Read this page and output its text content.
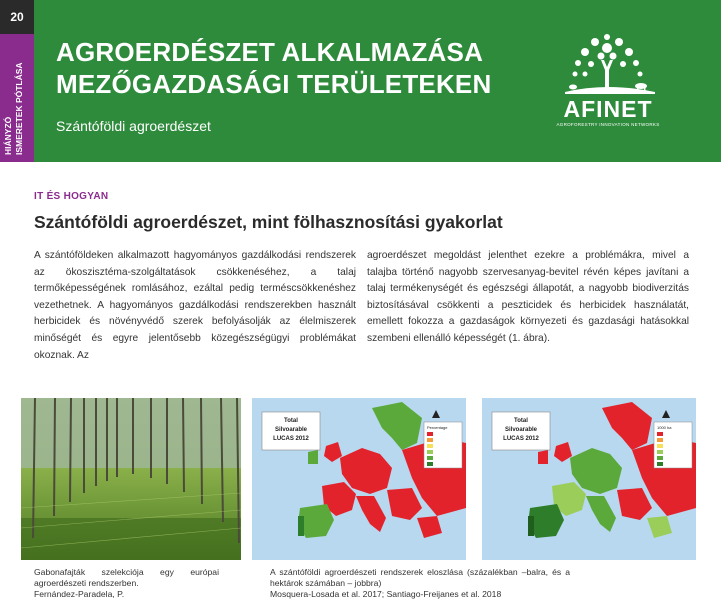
20
HIÁNYZÓ ISMERETEK PÓTLÁSA
AGROERDÉSZET ALKALMAZÁSA
MEZŐGAZDASÁGI TERÜLETEKEN
Szántóföldi agroerdészet
AFINET
AGROFORESTRY INNOVATION NETWORKS
IT ÉS HOGYAN
Szántóföldi agroerdészet, mint fölhasznosítási gyakorlat
A szántóföldeken alkalmazott hagyományos gazdálkodási rendszerek az ökoszisztéma-szolgáltatások csökkenéséhez, a talaj termőképességének romlásához, ezáltal pedig terméscsökkenéshez vezethetnek. A hagyományos gazdálkodási rendszerekben használt herbicidek és növényvédő szerek befolyásolják az élelmiszerek minőségét és egyre jelentősebb közegészségügyi problémákat okoznak. Az
agroerdészet megoldást jelenthet ezekre a problémákra, mivel a talajba történő nagyobb szervesanyag-bevitel révén képes javítani a talaj termékenységét és egészségi állapotát, a nagyobb biodiverzitás biztosításával csökkenti a peszticidek és herbicidek használatát, emellett fokozza a gazdaságok környezeti és gazdasági hatásokkal szembeni ellenálló képességét (1. ábra).
Total
Silvoarable
LUCAS 2012
Percentage
Total
Silvoarable
LUCAS 2012
1000 ha
Gabonafajták szelekciója egy európai agroerdészeti rendszerben.
Fernández-Paradela, P.
A szántóföldi agroerdészeti rendszerek eloszlása (százalékban –balra, és a hektárok számában – jobbra)
Mosquera-Losada et al. 2017; Santiago-Freijanes et al. 2018
